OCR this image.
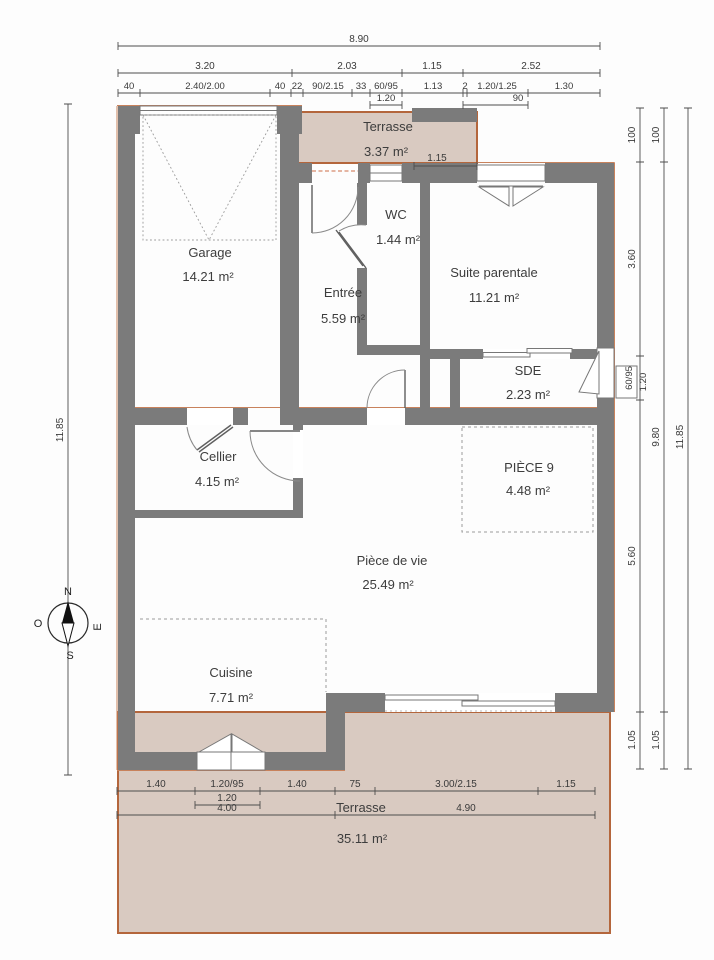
8.90
3.20	2.03	1.15	2.52
40	2.40/2.00	40 22 90/2.15 33 60/95	1.13 2 1.20/1.25	1.30
1.20	90
1.15
11.85
100
3.60
60/95 1.20
5.60
1.05
100
9.80
1.05
11.85
1.40	1.20/95	1.40	75	3.00/2.15	1.15
1.20
4.00	4.90
N
S
O	E
Terrasse
3.37 m²
Garage
14.21 m²
WC
1.44 m²
Entrée
5.59 m²
Suite parentale
11.21 m²
SDE
2.23 m²
Cellier
4.15 m²
PIÈCE 9
4.48 m²
Pièce de vie
25.49 m²
Cuisine
7.71 m²
Terrasse
35.11 m²
